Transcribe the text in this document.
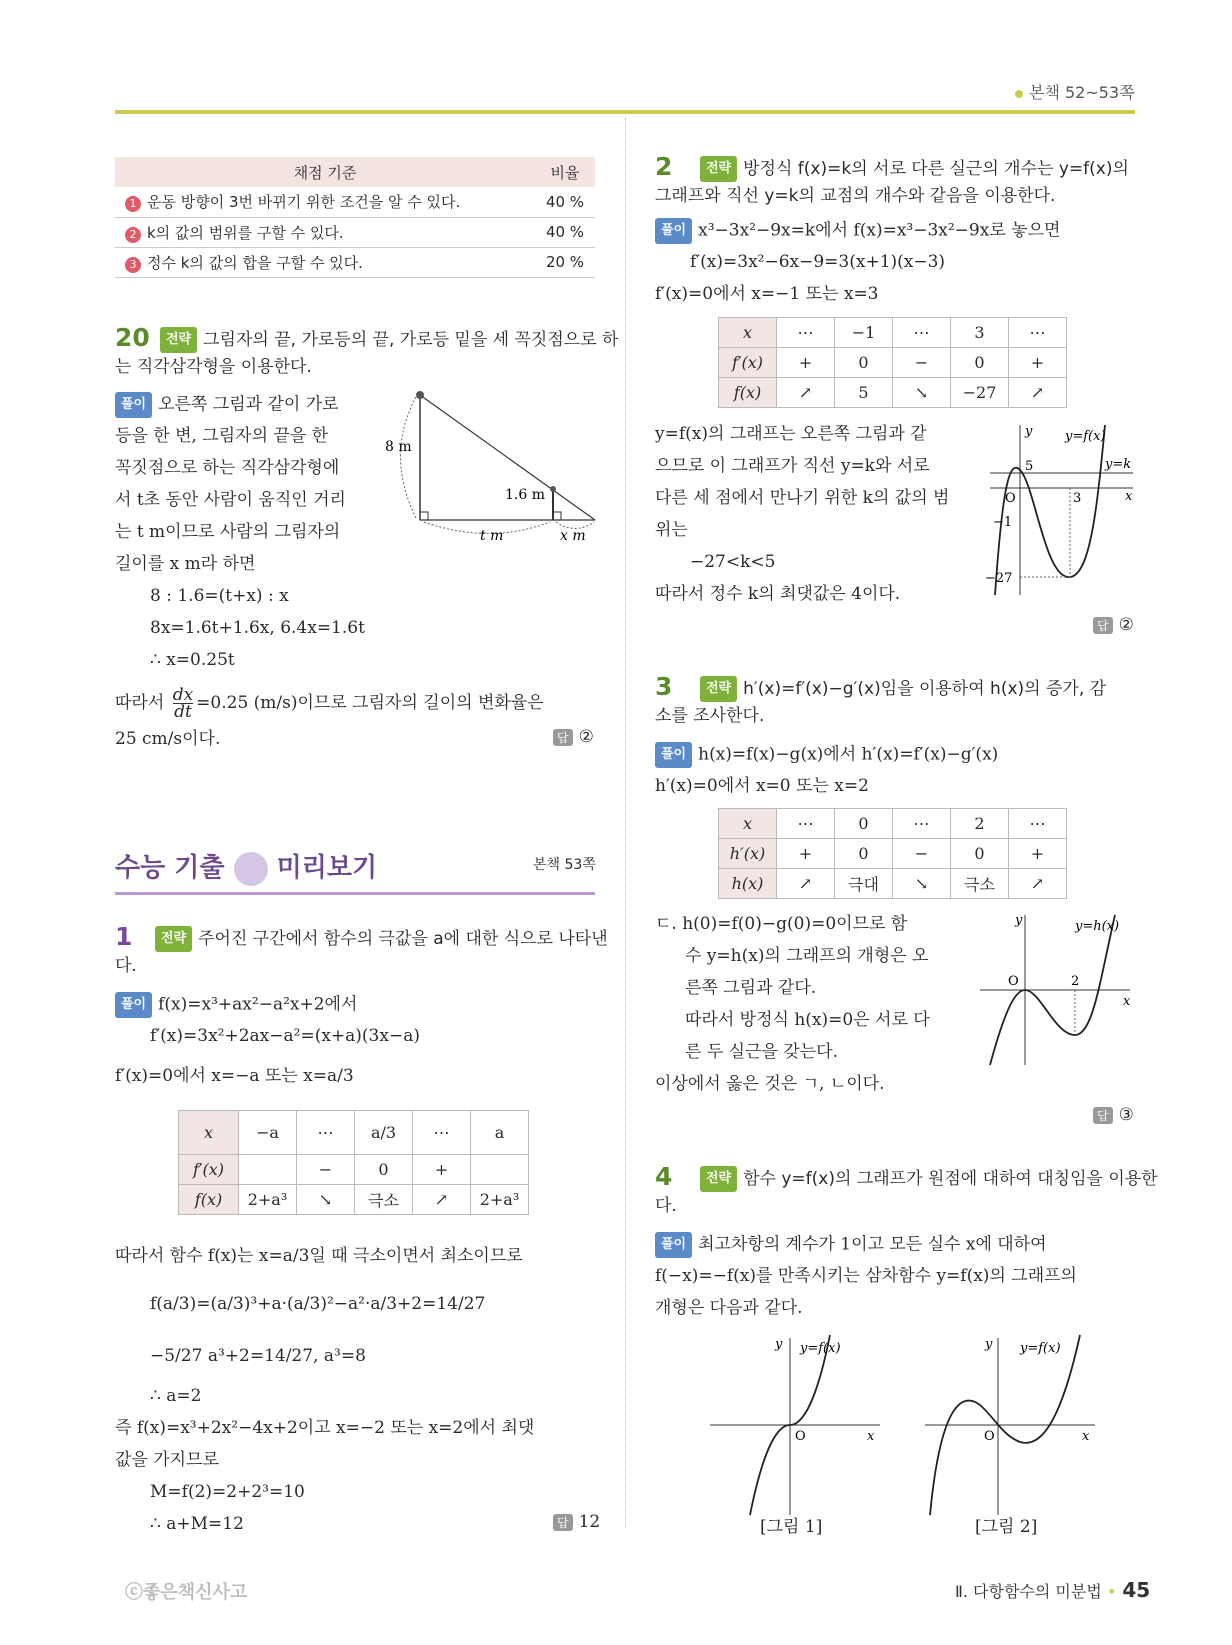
본책 52~53쪽
채점 기준	비율
1 운동 방향이 3번 바뀌기 위한 조건을 알 수 있다.	40 %
2 k의 값의 범위를 구할 수 있다.	40 %
3 정수 k의 값의 합을 구할 수 있다.	20 %
20	전략 그림자의 끝, 가로등의 끝, 가로등 밑을 세 꼭짓점으로 하
는 직각삼각형을 이용한다.
풀이 오른쪽 그림과 같이 가로
등을 한 변, 그림자의 끝을 한
꼭짓점으로 하는 직각삼각형에
서 t초 동안 사람이 움직인 거리
는 t m이므로 사람의 그림자의
길이를 x m라 하면
8 : 1.6=(t+x) : x
8x=1.6t+1.6x, 6.4x=1.6t
∴ x=0.25t
따라서 $\frac{dx}{dt} =0.25$ (m/s)이므로 그림자의 길이의 변화율은
25 cm/s이다.	답 ②
8 m
1.6 m
t m	x m
수능 기출 미리보기	본책 53쪽
1	전략 주어진 구간에서 함수의 극값을 a에 대한 식으로 나타낸
다.
풀이 f(x)=x³+ax²−a²x+2에서
f′(x)=3x²+2ax−a²=(x+a)(3x−a)
f′(x)=0에서 x=−a 또는 x=a/3
x	−a	⋯	a/3	⋯	a
f′(x)		−	0	+	
f(x)	2+a³	↘	극소	↗	2+a³
따라서 함수 f(x)는 x=a/3일 때 극소이면서 최소이므로
f(a/3)=(a/3)³+a·(a/3)²−a²·a/3+2=14/27
−5/27 a³+2=14/27, a³=8
∴ a=2
즉 f(x)=x³+2x²−4x+2이고 x=−2 또는 x=2에서 최댓
값을 가지므로
M=f(2)=2+2³=10
∴ a+M=12	답 12
2	전략 방정식 f(x)=k의 서로 다른 실근의 개수는 y=f(x)의
그래프와 직선 y=k의 교점의 개수와 같음을 이용한다.
풀이 x³−3x²−9x=k에서 f(x)=x³−3x²−9x로 놓으면
f′(x)=3x²−6x−9=3(x+1)(x−3)
f′(x)=0에서 x=−1 또는 x=3
x	⋯	−1	⋯	3	⋯
f′(x)	+	0	−	0	+
f(x)	↗	5	↘	−27	↗
y=f(x)의 그래프는 오른쪽 그림과 같
으므로 이 그래프가 직선 y=k와 서로
다른 세 점에서 만나기 위한 k의 값의 범
위는
−27<k<5
따라서 정수 k의 최댓값은 4이다.
답 ②
y	y=f(x)
y=k
x
O
5
−1
3
−27
3	전략 h′(x)=f′(x)−g′(x)임을 이용하여 h(x)의 증가, 감
소를 조사한다.
풀이 h(x)=f(x)−g(x)에서 h′(x)=f′(x)−g′(x)
h′(x)=0에서 x=0 또는 x=2
x	⋯	0	⋯	2	⋯
h′(x)	+	0	−	0	+
h(x)	↗	극대	↘	극소	↗
ㄷ. h(0)=f(0)−g(0)=0이므로 함
수 y=h(x)의 그래프의 개형은 오
른쪽 그림과 같다.
따라서 방정식 h(x)=0은 서로 다
른 두 실근을 갖는다.
이상에서 옳은 것은 ㄱ, ㄴ이다.
답 ③
y	y=h(x)
x
O	2
4	전략 함수 y=f(x)의 그래프가 원점에 대하여 대칭임을 이용한
다.
풀이 최고차항의 계수가 1이고 모든 실수 x에 대하여
f(−x)=−f(x)를 만족시키는 삼차함수 y=f(x)의 그래프의
개형은 다음과 같다.
y y=f(x)
x
O
[그림 1]
y y=f(x)
x
O
[그림 2]
ⓒ좋은책신사고	Ⅱ. 다항함수의 미분법 • 45
